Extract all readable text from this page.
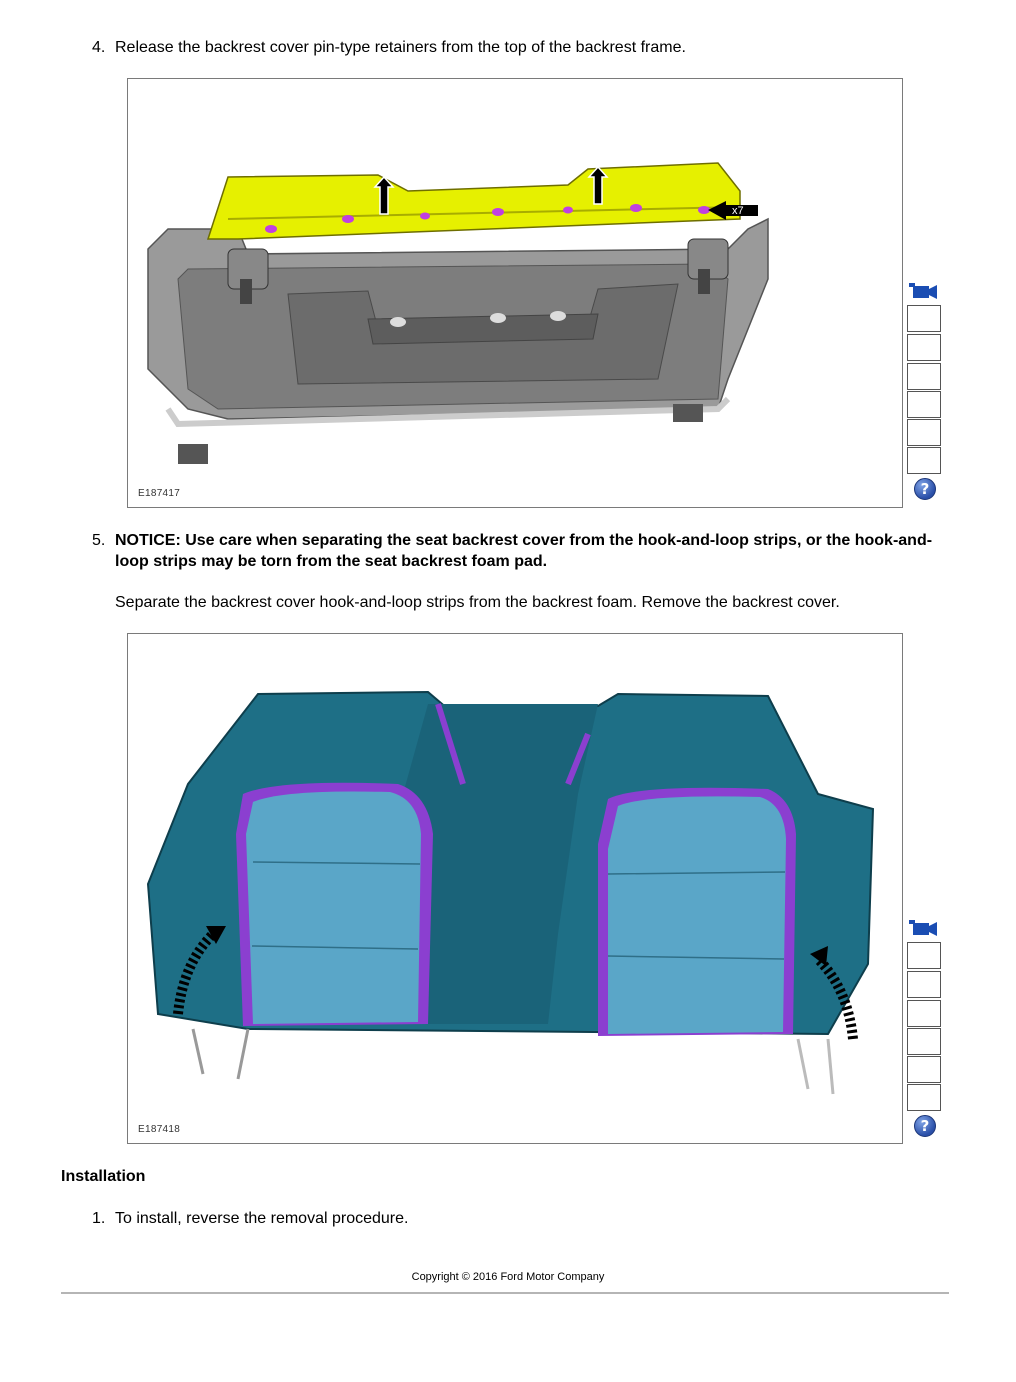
4. Release the backrest cover pin-type retainers from the top of the backrest frame.
x7
E187417	?
5. NOTICE: Use care when separating the seat backrest cover from the hook-and-loop strips, or the hook-and-loop strips may be torn from the seat backrest foam pad.
Separate the backrest cover hook-and-loop strips from the backrest foam. Remove the backrest cover.
E187418	?
Installation
1. To install, reverse the removal procedure.
Copyright © 2016 Ford Motor Company
